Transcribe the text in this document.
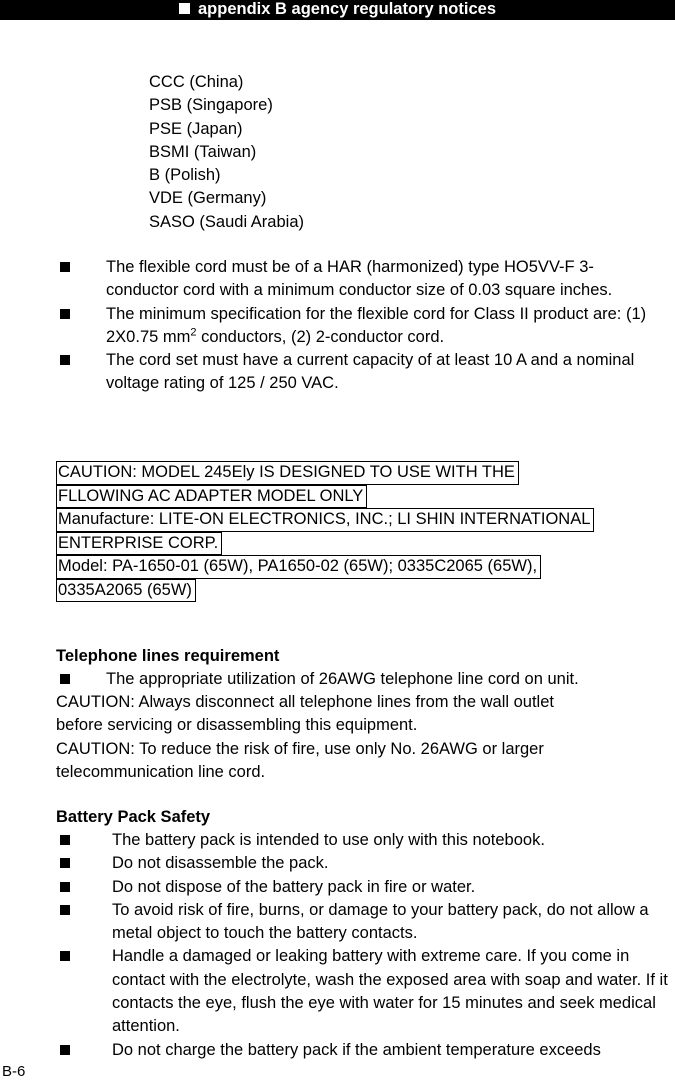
appendix B agency regulatory notices
CCC (China)
PSB (Singapore)
PSE (Japan)
BSMI (Taiwan)
B (Polish)
VDE (Germany)
SASO (Saudi Arabia)
The flexible cord must be of a HAR (harmonized) type HO5VV-F 3-conductor cord with a minimum conductor size of 0.03 square inches.
The minimum specification for the flexible cord for Class II product are: (1) 2X0.75 $mm^2$ conductors, (2) 2-conductor cord.
The cord set must have a current capacity of at least 10 A and a nominal voltage rating of 125 / 250 VAC.
CAUTION: MODEL 245Ely IS DESIGNED TO USE WITH THE
FLLOWING AC ADAPTER MODEL ONLY
Manufacture: LITE-ON ELECTRONICS, INC.; LI SHIN INTERNATIONAL
ENTERPRISE CORP.
Model: PA-1650-01 (65W), PA1650-02 (65W); 0335C2065 (65W),
0335A2065 (65W)
Telephone lines requirement
The appropriate utilization of 26AWG telephone line cord on unit.
CAUTION: Always disconnect all telephone lines from the wall outlet
before servicing or disassembling this equipment.
CAUTION: To reduce the risk of fire, use only No. 26AWG or larger
telecommunication line cord.
Battery Pack Safety
The battery pack is intended to use only with this notebook.
Do not disassemble the pack.
Do not dispose of the battery pack in fire or water.
To avoid risk of fire, burns, or damage to your battery pack, do not allow a metal object to touch the battery contacts.
Handle a damaged or leaking battery with extreme care. If you come in contact with the electrolyte, wash the exposed area with soap and water. If it contacts the eye, flush the eye with water for 15 minutes and seek medical attention.
Do not charge the battery pack if the ambient temperature exceeds
B-6
